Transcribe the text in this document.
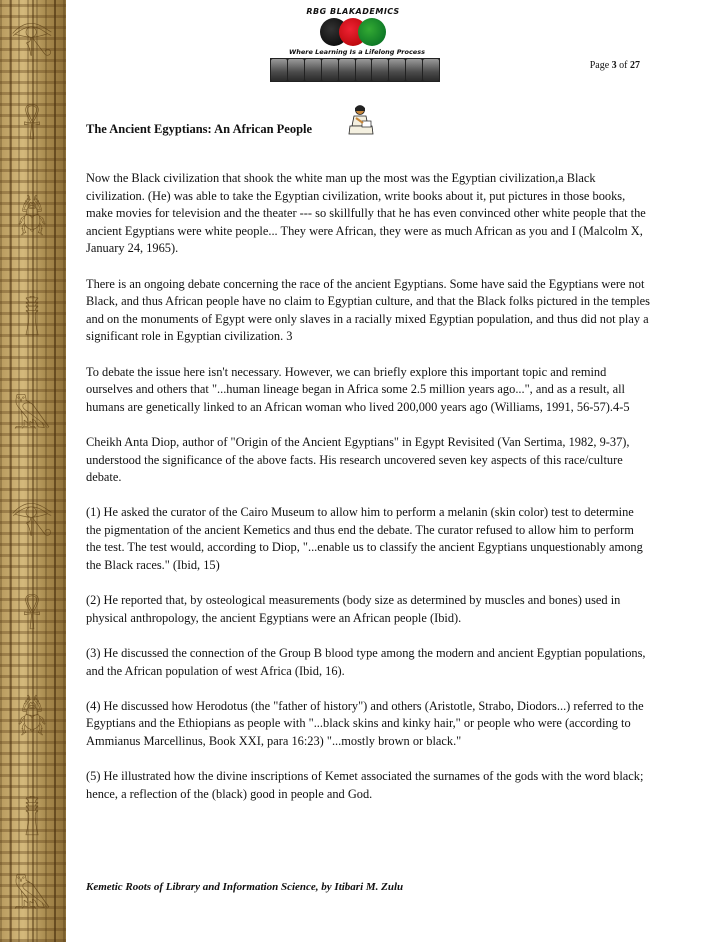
𓂀
𓋹
𓆣
𓊽
𓅓
𓂀
𓋹
𓆣
𓊽
𓅓
RBG BLAKADEMICS
Where Learning Is a Lifelong Process
Page 3 of 27
The Ancient Egyptians: An African People

Now the Black civilization that shook the white man up the most was the Egyptian civilization,a Black civilization. (He) was able to take the Egyptian civilization, write books about it, put pictures in those books, make movies for television and the theater --- so skillfully that he has even convinced other white people that the ancient Egyptians were white people... They were African, they were as much African as you and I (Malcolm X, January 24, 1965).

There is an ongoing debate concerning the race of the ancient Egyptians. Some have said the Egyptians were not Black, and thus African people have no claim to Egyptian culture, and that the Black folks pictured in the temples and on the monuments of Egypt were only slaves in a racially mixed Egyptian population, and thus did not play a significant role in Egyptian civilization. 3

To debate the issue here isn't necessary. However, we can briefly explore this important topic and remind ourselves and others that "...human lineage began in Africa some 2.5 million years ago...", and as a result, all humans are genetically linked to an African woman who lived 200,000 years ago (Williams, 1991, 56-57).4-5

Cheikh Anta Diop, author of "Origin of the Ancient Egyptians" in Egypt Revisited (Van Sertima, 1982, 9-37), understood the significance of the above facts. His research uncovered seven key aspects of this race/culture debate.

(1) He asked the curator of the Cairo Museum to allow him to perform a melanin (skin color) test to determine the pigmentation of the ancient Kemetics and thus end the debate. The curator refused to allow him to perform the test. The test would, according to Diop, "...enable us to classify the ancient Egyptians unquestionably among the Black races." (Ibid, 15)

(2) He reported that, by osteological measurements (body size as determined by muscles and bones) used in physical anthropology, the ancient Egyptians were an African people (Ibid).

(3) He discussed the connection of the Group B blood type among the modern and ancient Egyptian populations, and the African population of west Africa (Ibid, 16).

(4) He discussed how Herodotus (the "father of history") and others (Aristotle, Strabo, Diodors...) referred to the Egyptians and the Ethiopians as people with "...black skins and kinky hair," or people who were (according to Ammianus Marcellinus, Book XXI, para 16:23) "...mostly brown or black."

(5) He illustrated how the divine inscriptions of Kemet associated the surnames of the gods with the word black; hence, a reflection of the (black) good in people and God.

Kemetic Roots of Library and Information Science, by Itibari M. Zulu
